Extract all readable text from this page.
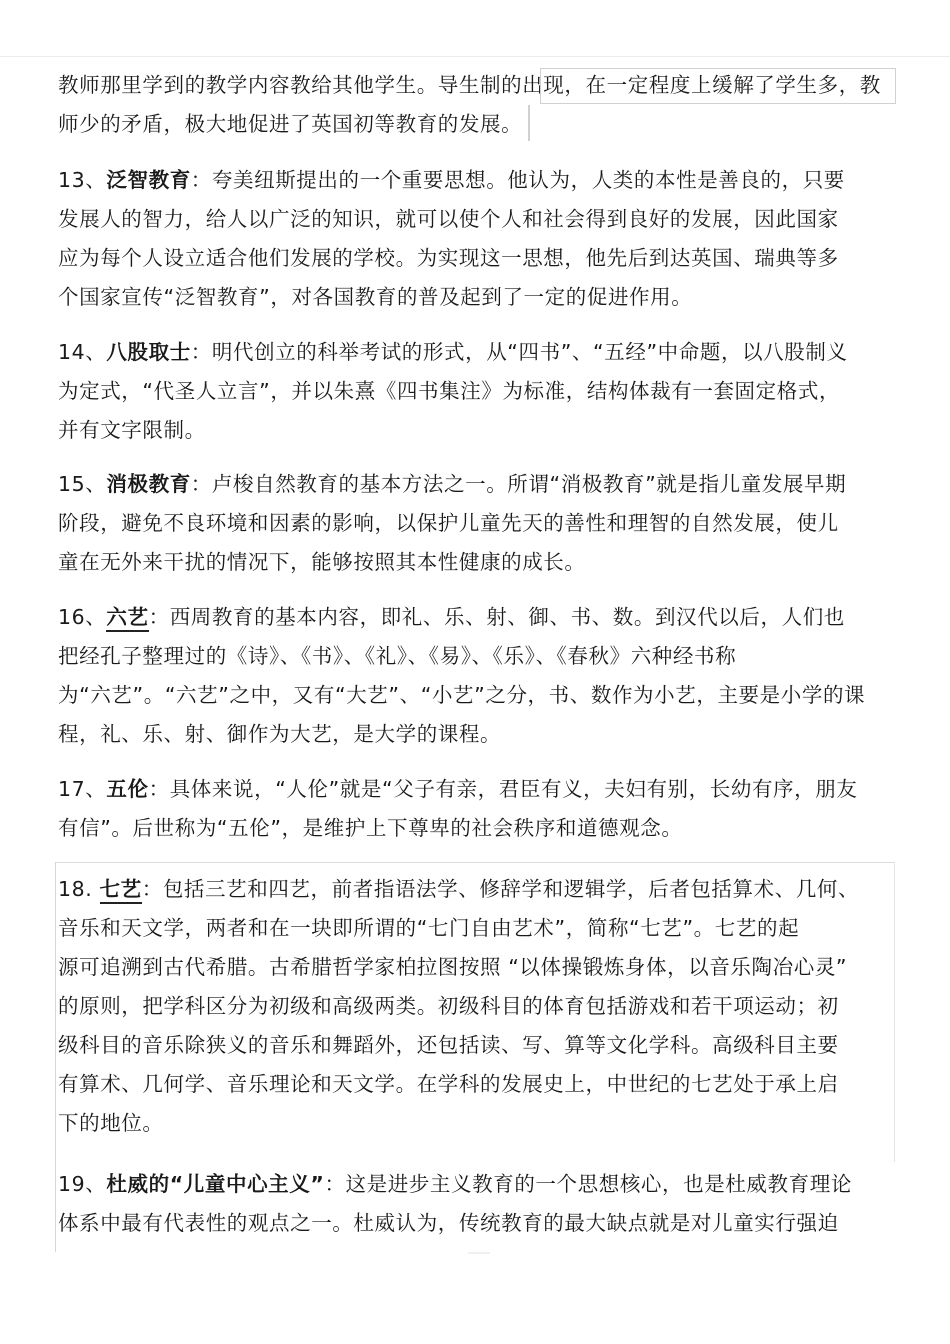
教师那里学到的教学内容教给其他学生。导生制的出现，在一定程度上缓解了学生多，教

师少的矛盾，极大地促进了英国初等教育的发展。

13、泛智教育：夸美纽斯提出的一个重要思想。他认为，人类的本性是善良的，只要

发展人的智力，给人以广泛的知识，就可以使个人和社会得到良好的发展，因此国家

应为每个人设立适合他们发展的学校。为实现这一思想，他先后到达英国、瑞典等多

个国家宣传“泛智教育”，对各国教育的普及起到了一定的促进作用。

14、八股取士：明代创立的科举考试的形式，从“四书”、“五经”中命题，以八股制义

为定式，“代圣人立言”，并以朱熹《四书集注》为标准，结构体裁有一套固定格式，

并有文字限制。

15、消极教育：卢梭自然教育的基本方法之一。所谓“消极教育”就是指儿童发展早期

阶段，避免不良环境和因素的影响，以保护儿童先天的善性和理智的自然发展，使儿

童在无外来干扰的情况下，能够按照其本性健康的成长。

16、六艺：西周教育的基本内容，即礼、乐、射、御、书、数。到汉代以后，人们也

把经孔子整理过的《诗》、《书》、《礼》、《易》、《乐》、《春秋》六种经书称

为“六艺”。“六艺”之中，又有“大艺”、“小艺”之分，书、数作为小艺，主要是小学的课

程，礼、乐、射、御作为大艺，是大学的课程。

17、五伦：具体来说，“人伦”就是“父子有亲，君臣有义，夫妇有别，长幼有序，朋友

有信”。后世称为“五伦”，是维护上下尊卑的社会秩序和道德观念。

18. 七艺：包括三艺和四艺，前者指语法学、修辞学和逻辑学，后者包括算术、几何、

音乐和天文学，两者和在一块即所谓的“七门自由艺术”，简称“七艺”。七艺的起

源可追溯到古代希腊。古希腊哲学家柏拉图按照 “以体操锻炼身体，以音乐陶冶心灵”

的原则，把学科区分为初级和高级两类。初级科目的体育包括游戏和若干项运动；初

级科目的音乐除狭义的音乐和舞蹈外，还包括读、写、算等文化学科。高级科目主要

有算术、几何学、音乐理论和天文学。在学科的发展史上，中世纪的七艺处于承上启

下的地位。

19、杜威的“儿童中心主义”：这是进步主义教育的一个思想核心，也是杜威教育理论

体系中最有代表性的观点之一。杜威认为，传统教育的最大缺点就是对儿童实行强迫
